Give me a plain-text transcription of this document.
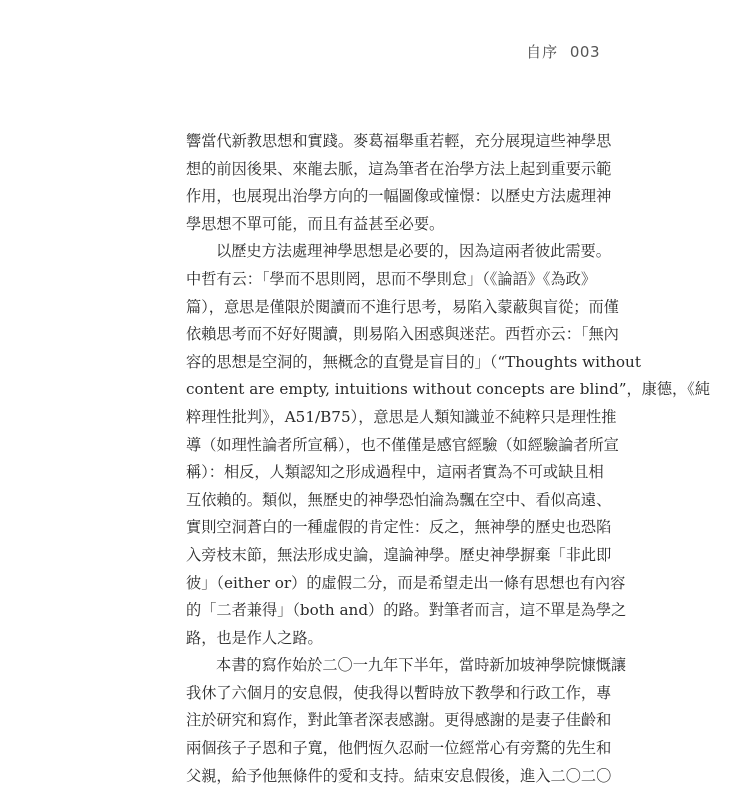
自序 003
響當代新教思想和實踐。麥葛福舉重若輕，充分展現這些神學思
想的前因後果、來龍去脈，這為筆者在治學方法上起到重要示範
作用，也展現出治學方向的一幅圖像或憧憬：以歷史方法處理神
學思想不單可能，而且有益甚至必要。
以歷史方法處理神學思想是必要的，因為這兩者彼此需要。
中哲有云：「學而不思則罔，思而不學則怠」（《論語》《為政》
篇），意思是僅限於閱讀而不進行思考，易陷入蒙蔽與盲從；而僅
依賴思考而不好好閱讀，則易陷入困惑與迷茫。西哲亦云：「無內
容的思想是空洞的，無概念的直覺是盲目的」（“Thoughts without
content are empty, intuitions without concepts are blind”，康德，《純
粹理性批判》，A51/B75），意思是人類知識並不純粹只是理性推
導（如理性論者所宣稱），也不僅僅是感官經驗（如經驗論者所宣
稱）：相反，人類認知之形成過程中，這兩者實為不可或缺且相
互依賴的。類似，無歷史的神學恐怕淪為飄在空中、看似高遠、
實則空洞蒼白的一種虛假的肯定性：反之，無神學的歷史也恐陷
入旁枝末節，無法形成史論，遑論神學。歷史神學摒棄「非此即
彼」（either or）的虛假二分，而是希望走出一條有思想也有內容
的「二者兼得」（both and）的路。對筆者而言，這不單是為學之
路，也是作人之路。
本書的寫作始於二〇一九年下半年，當時新加坡神學院慷慨讓
我休了六個月的安息假，使我得以暫時放下教學和行政工作，專
注於研究和寫作，對此筆者深表感謝。更得感謝的是妻子佳齡和
兩個孩子子恩和子寬，他們恆久忍耐一位經常心有旁騖的先生和
父親，給予他無條件的愛和支持。結束安息假後，進入二〇二〇
